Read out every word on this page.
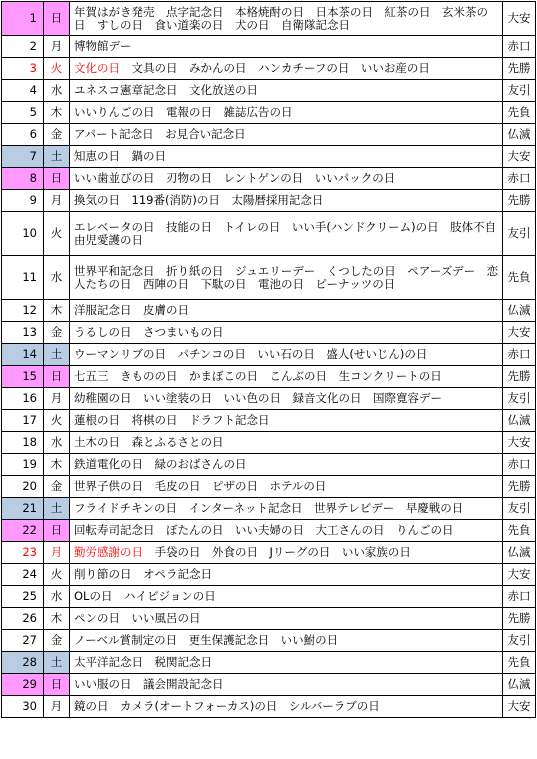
1	日	年賀はがき発売　点字記念日　本格焼酎の日　日本茶の日　紅茶の日　玄米茶の日　すしの日　食い道楽の日　犬の日　自衛隊記念日	大安
2	月	博物館デー	赤口
3	火	文化の日　 文具の日　みかんの日　ハンカチーフの日　いいお産の日	先勝
4	水	ユネスコ憲章記念日　文化放送の日	友引
5	木	いいりんごの日　電報の日　雑誌広告の日	先負
6	金	アパート記念日　お見合い記念日	仏滅
7	土	知恵の日　鍋の日	大安
8	日	いい歯並びの日　刃物の日　レントゲンの日　いいパックの日	赤口
9	月	換気の日　119番(消防)の日　太陽暦採用記念日	先勝
10	火	エレベータの日　技能の日　トイレの日　いい手(ハンドクリーム)の日　肢体不自由児愛護の日	友引
11	水	世界平和記念日　折り紙の日　ジュエリーデー　くつしたの日　ペアーズデー　恋人たちの日　西陣の日　下駄の日　電池の日　ピーナッツの日	先負
12	木	洋服記念日　皮膚の日	仏滅
13	金	うるしの日　さつまいもの日	大安
14	土	ウーマンリブの日　パチンコの日　いい石の日　盛人(せいじん)の日	赤口
15	日	七五三　きものの日　かまぼこの日　こんぶの日　生コンクリートの日	先勝
16	月	幼稚園の日　いい塗装の日　いい色の日　録音文化の日　国際寛容デー	友引
17	火	蓮根の日　将棋の日　ドラフト記念日	仏滅
18	水	土木の日　森とふるさとの日	大安
19	木	鉄道電化の日　緑のおばさんの日	赤口
20	金	世界子供の日　毛皮の日　ピザの日　ホテルの日	先勝
21	土	フライドチキンの日　インターネット記念日　世界テレビデー　早慶戦の日	友引
22	日	回転寿司記念日　ぼたんの日　いい夫婦の日　大工さんの日　りんごの日	先負
23	月	勤労感謝の日　 手袋の日　外食の日　Jリーグの日　いい家族の日	仏滅
24	火	削り節の日　オペラ記念日	大安
25	水	OLの日　ハイビジョンの日	赤口
26	木	ペンの日　いい風呂の日	先勝
27	金	ノーベル賞制定の日　更生保護記念日　いい鮒の日	友引
28	土	太平洋記念日　税関記念日	先負
29	日	いい服の日　議会開設記念日	仏滅
30	月	鏡の日　カメラ(オートフォーカス)の日　シルバーラブの日	大安
